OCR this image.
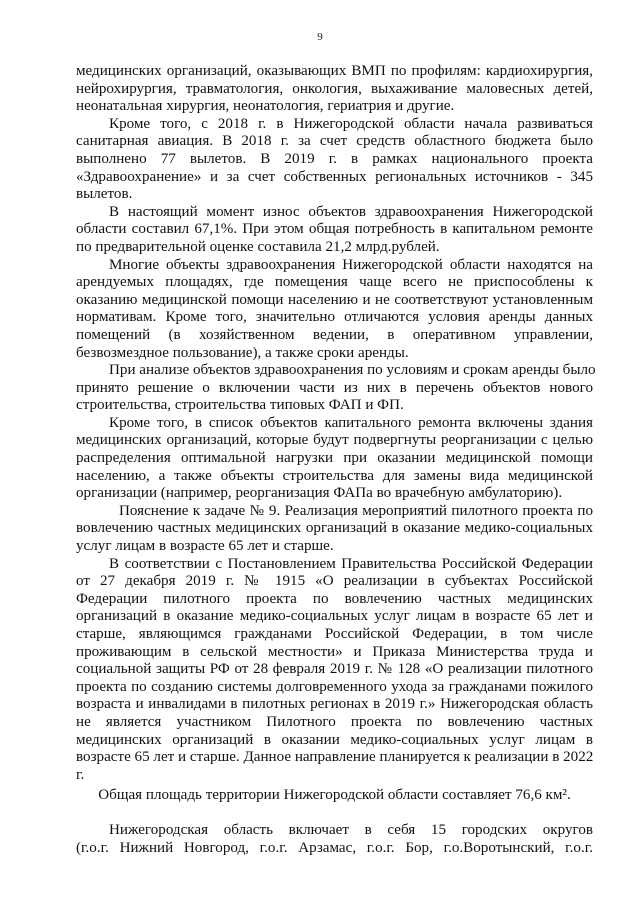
9
медицинских организаций, оказывающих ВМП по профилям: кардиохирургия,
нейрохирургия, травматология, онкология, выхаживание маловесных детей,
неонатальная хирургия, неонатология, гериатрия и другие.
Кроме того, с 2018 г. в Нижегородской области начала развиваться
санитарная авиация. В 2018 г. за счет средств областного бюджета было
выполнено 77 вылетов. В 2019 г. в рамках национального проекта
«Здравоохранение» и за счет собственных региональных источников - 345
вылетов.
В настоящий момент износ объектов здравоохранения Нижегородской
области составил 67,1%. При этом общая потребность в капитальном ремонте
по предварительной оценке составила 21,2 млрд.рублей.
Многие объекты здравоохранения Нижегородской области находятся на
арендуемых площадях, где помещения чаще всего не приспособлены к
оказанию медицинской помощи населению и не соответствуют установленным
нормативам. Кроме того, значительно отличаются условия аренды данных
помещений (в хозяйственном ведении, в оперативном управлении,
безвозмездное пользование), а также сроки аренды.
При анализе объектов здравоохранения по условиям и срокам аренды было
принято решение о включении части из них в перечень объектов нового
строительства, строительства типовых ФАП и ФП.
Кроме того, в список объектов капитального ремонта включены здания
медицинских организаций, которые будут подвергнуты реорганизации с целью
распределения оптимальной нагрузки при оказании медицинской помощи
населению, а также объекты строительства для замены вида медицинской
организации (например, реорганизация ФАПа во врачебную амбулаторию).
Пояснение к задаче № 9. Реализация мероприятий пилотного проекта по
вовлечению частных медицинских организаций в оказание медико-социальных
услуг лицам в возрасте 65 лет и старше.
В соответствии с Постановлением Правительства Российской Федерации
от 27 декабря 2019 г. № 1915 «О реализации в субъектах Российской
Федерации пилотного проекта по вовлечению частных медицинских
организаций в оказание медико-социальных услуг лицам в возрасте 65 лет и
старше, являющимся гражданами Российской Федерации, в том числе
проживающим в сельской местности» и Приказа Министерства труда и
социальной защиты РФ от 28 февраля 2019 г. № 128 «О реализации пилотного
проекта по созданию системы долговременного ухода за гражданами пожилого
возраста и инвалидами в пилотных регионах в 2019 г.» Нижегородская область
не является участником Пилотного проекта по вовлечению частных
медицинских организаций в оказании медико-социальных услуг лицам в
возрасте 65 лет и старше. Данное направление планируется к реализации в 2022
г.
Общая площадь территории Нижегородской области составляет 76,6 км².
Нижегородская область включает в себя 15 городских округов
(г.о.г. Нижний Новгород, г.о.г. Арзамас, г.о.г. Бор, г.о.Воротынский, г.о.г.
